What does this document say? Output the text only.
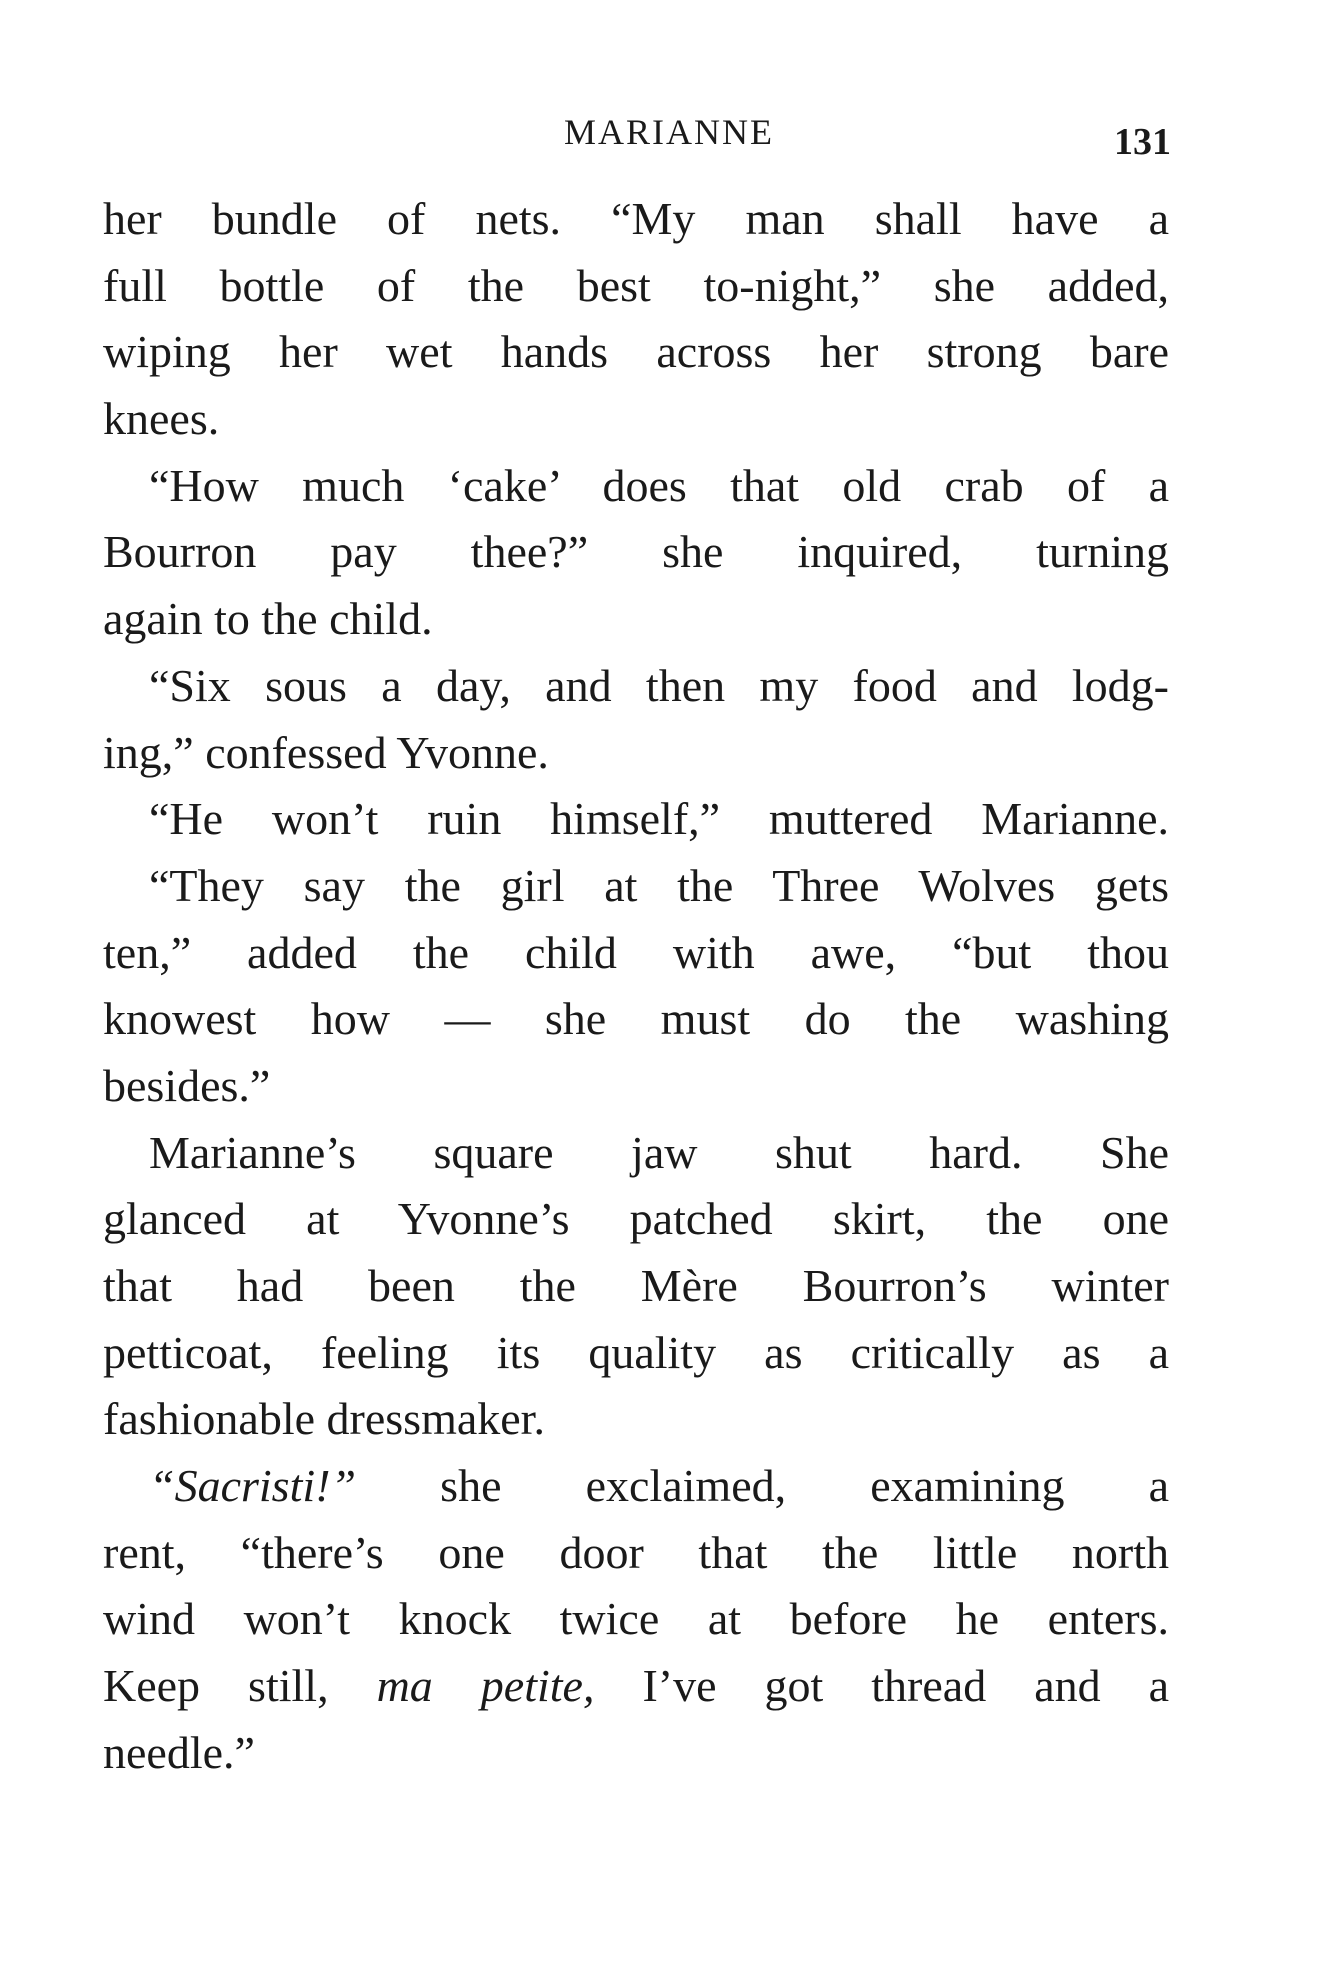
MARIANNE	131
her bundle of nets. “My man shall have a
full bottle of the best to-night,” she added,
wiping her wet hands across her strong bare
knees.
“How much ‘cake’ does that old crab of a
Bourron pay thee?” she inquired, turning
again to the child.
“Six sous a day, and then my food and lodg-
ing,” confessed Yvonne.
“He won’t ruin himself,” muttered Marianne.
“They say the girl at the Three Wolves gets
ten,” added the child with awe, “but thou
knowest how — she must do the washing
besides.”
Marianne’s square jaw shut hard. She
glanced at Yvonne’s patched skirt, the one
that had been the Mère Bourron’s winter
petticoat, feeling its quality as critically as a
fashionable dressmaker.
“Sacristi!” she exclaimed, examining a
rent, “there’s one door that the little north
wind won’t knock twice at before he enters.
Keep still, ma petite, I’ve got thread and a
needle.”
